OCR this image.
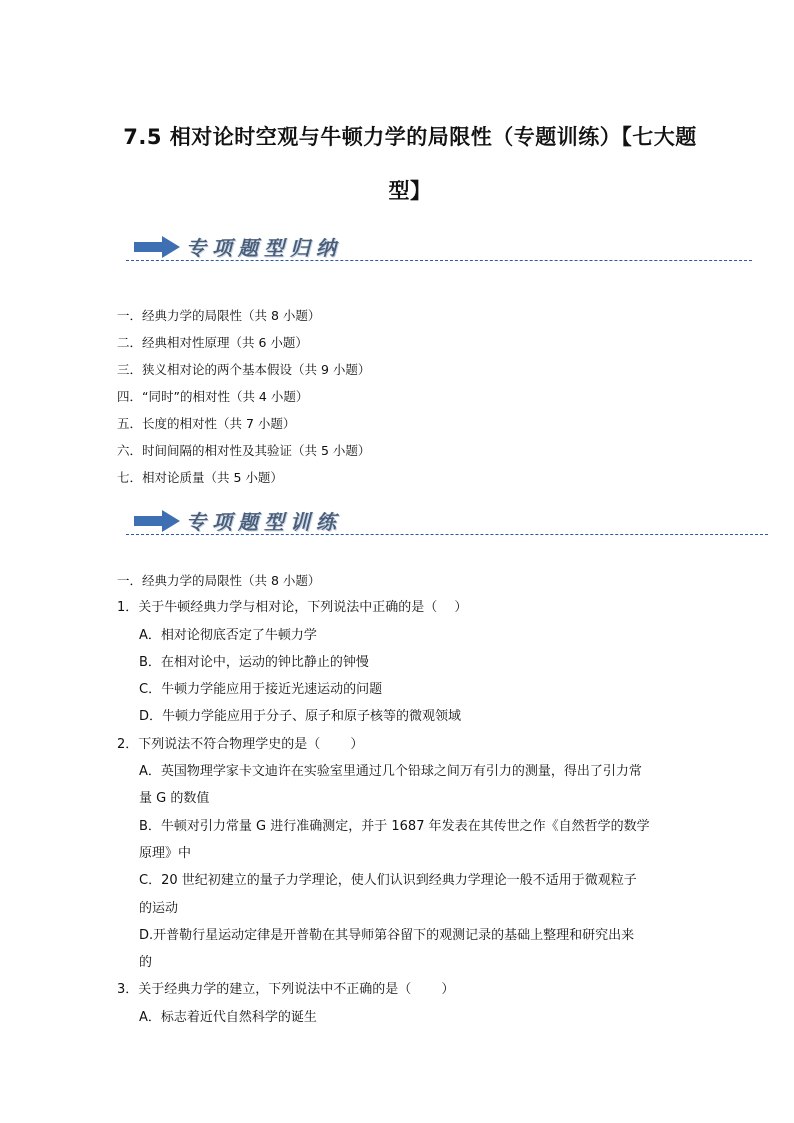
7.5 相对论时空观与牛顿力学的局限性（专题训练）【七大题
型】
专项题型归纳
一．经典力学的局限性（共 8 小题）
二．经典相对性原理（共 6 小题）
三．狭义相对论的两个基本假设（共 9 小题）
四．“同时”的相对性（共 4 小题）
五．长度的相对性（共 7 小题）
六．时间间隔的相对性及其验证（共 5 小题）
七．相对论质量（共 5 小题）
专项题型训练
一．经典力学的局限性（共 8 小题）
1．关于牛顿经典力学与相对论，下列说法中正确的是（　 ）
A．相对论彻底否定了牛顿力学
B．在相对论中，运动的钟比静止的钟慢
C．牛顿力学能应用于接近光速运动的问题
D．牛顿力学能应用于分子、原子和原子核等的微观领域
2．下列说法不符合物理学史的是（　　 ）
A．英国物理学家卡文迪许在实验室里通过几个铅球之间万有引力的测量，得出了引力常
量 G 的数值
B．牛顿对引力常量 G 进行准确测定，并于 1687 年发表在其传世之作《自然哲学的数学
原理》中
C．20 世纪初建立的量子力学理论，使人们认识到经典力学理论一般不适用于微观粒子
的运动
D.开普勒行星运动定律是开普勒在其导师第谷留下的观测记录的基础上整理和研究出来
的
3．关于经典力学的建立，下列说法中不正确的是（　　 ）
A．标志着近代自然科学的诞生
